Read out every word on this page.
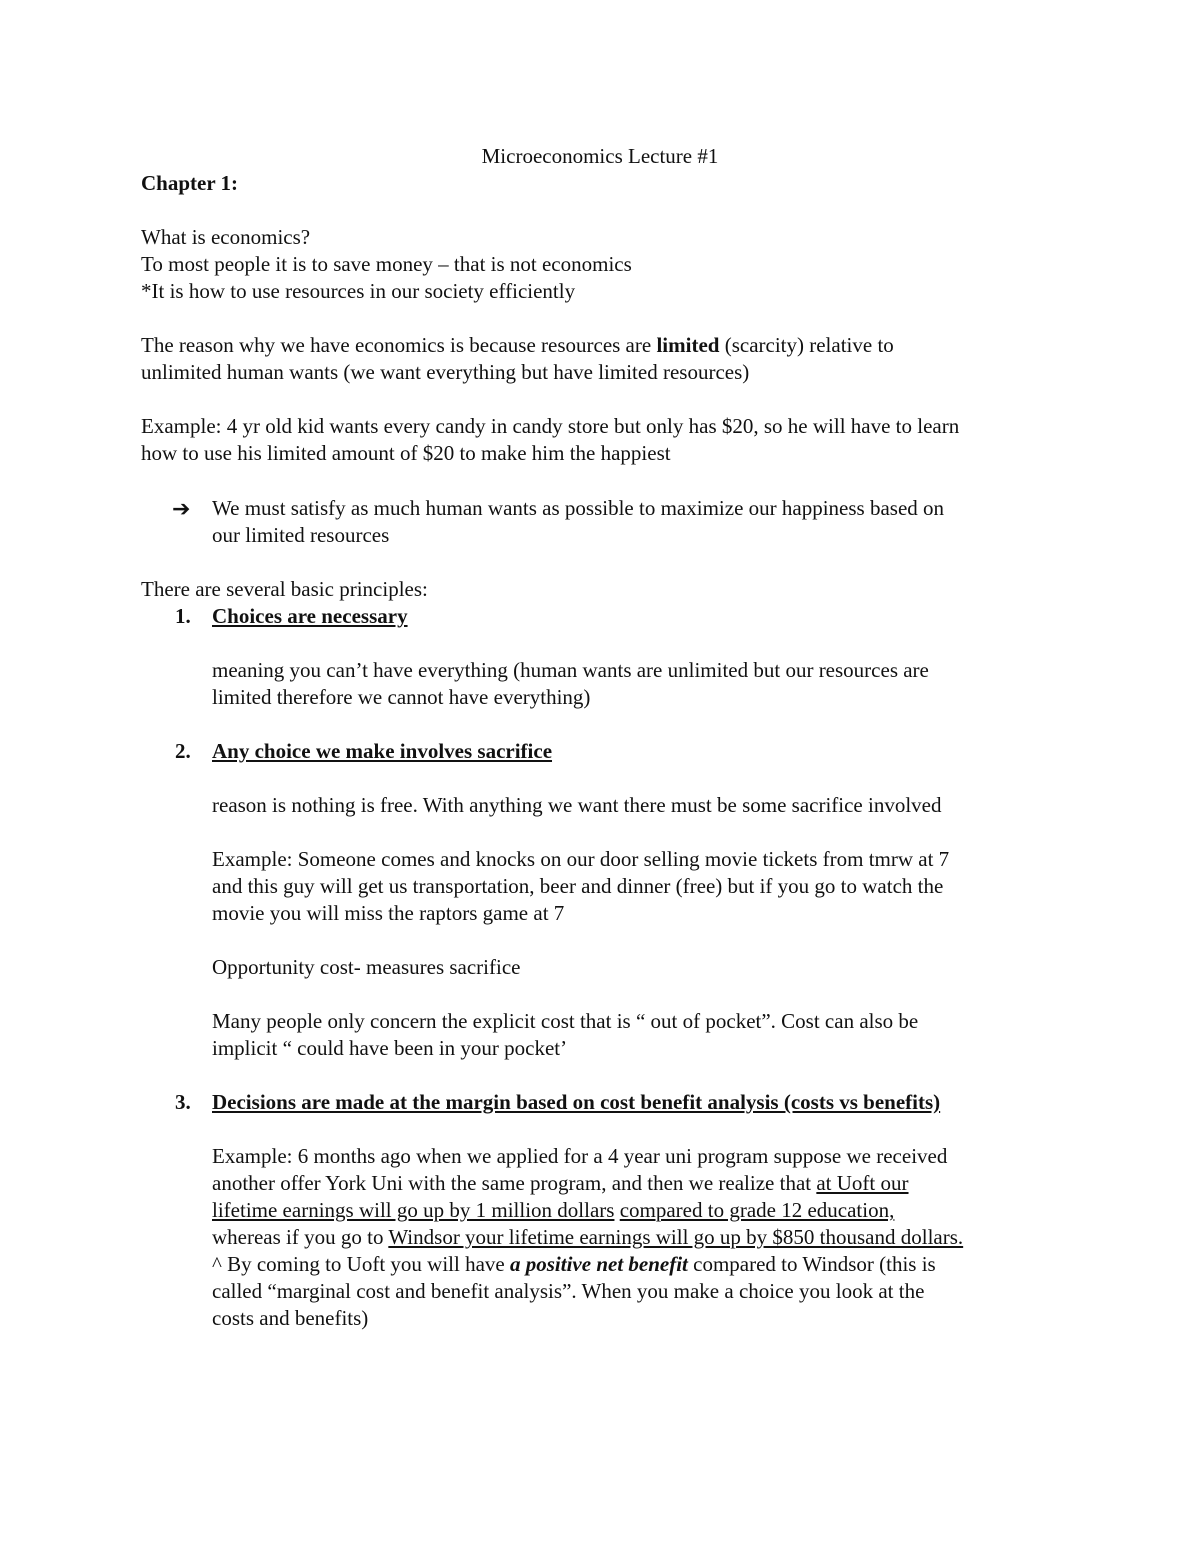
Microeconomics Lecture #1
Chapter 1:
What is economics?
To most people it is to save money – that is not economics
*It is how to use resources in our society efficiently
The reason why we have economics is because resources are limited (scarcity) relative to
unlimited human wants (we want everything but have limited resources)
Example: 4 yr old kid wants every candy in candy store but only has $20, so he will have to learn
how to use his limited amount of $20 to make him the happiest
➔ We must satisfy as much human wants as possible to maximize our happiness based on
our limited resources
There are several basic principles:
1. Choices are necessary
meaning you can’t have everything (human wants are unlimited but our resources are
limited therefore we cannot have everything)
2. Any choice we make involves sacrifice
reason is nothing is free. With anything we want there must be some sacrifice involved
Example: Someone comes and knocks on our door selling movie tickets from tmrw at 7
and this guy will get us transportation, beer and dinner (free) but if you go to watch the
movie you will miss the raptors game at 7
Opportunity cost- measures sacrifice
Many people only concern the explicit cost that is “ out of pocket”. Cost can also be
implicit “ could have been in your pocket’
3. Decisions are made at the margin based on cost benefit analysis (costs vs benefits)
Example: 6 months ago when we applied for a 4 year uni program suppose we received
another offer York Uni with the same program, and then we realize that at Uoft our
lifetime earnings will go up by 1 million dollars compared to grade 12 education,
whereas if you go to Windsor your lifetime earnings will go up by $850 thousand dollars.
^ By coming to Uoft you will have a positive net benefit compared to Windsor (this is
called “marginal cost and benefit analysis”. When you make a choice you look at the
costs and benefits)
